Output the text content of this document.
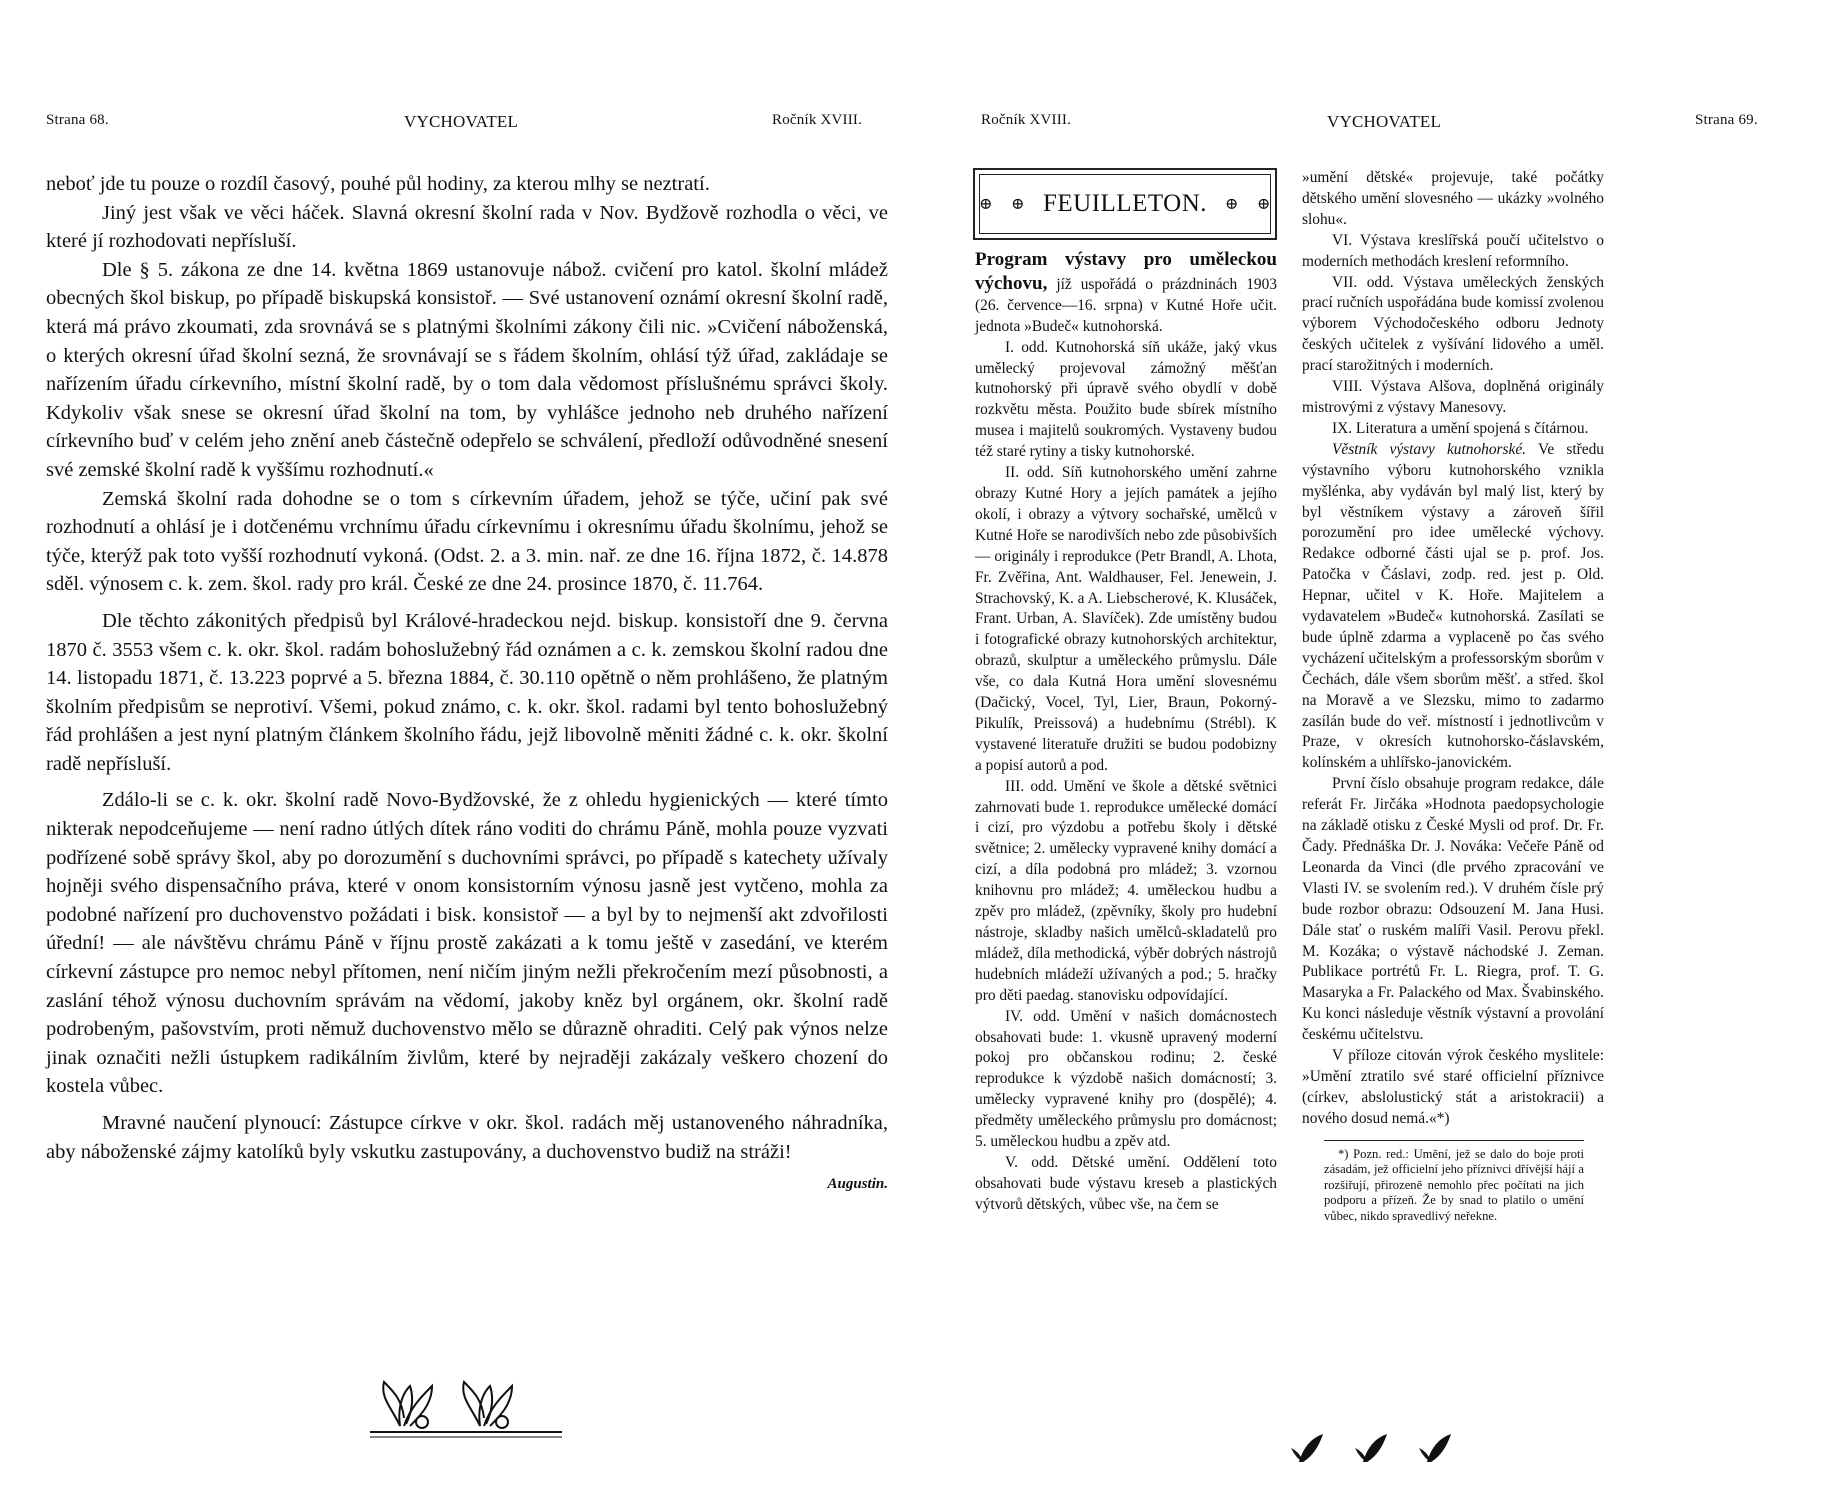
Strana 68.	VYCHOVATEL	Ročník XVIII.

neboť jde tu pouze o rozdíl časový, pouhé půl hodiny, za kterou mlhy se neztratí.

Jiný jest však ve věci háček. Slavná okresní školní rada v Nov. Bydžově rozhodla o věci, ve které jí rozhodovati nepřísluší.

Dle § 5. zákona ze dne 14. května 1869 ustanovuje nábož. cvičení pro katol. školní mládež obecných škol biskup, po případě biskupská konsistoř. — Své ustanovení oznámí okresní školní radě, která má právo zkoumati, zda srovnává se s platnými školními zákony čili nic. »Cvičení náboženská, o kterých okresní úřad školní sezná, že srovnávají se s řádem školním, ohlásí týž úřad, zakládaje se nařízením úřadu církevního, místní školní radě, by o tom dala vědomost příslušnému správci školy. Kdykoliv však snese se okresní úřad školní na tom, by vyhlášce jednoho neb druhého nařízení církevního buď v celém jeho znění aneb částečně odepřelo se schválení, předloží odůvodněné snesení své zemské školní radě k vyššímu rozhodnutí.«

Zemská školní rada dohodne se o tom s církevním úřadem, jehož se týče, učiní pak své rozhodnutí a ohlásí je i dotčenému vrchnímu úřadu církevnímu i okresnímu úřadu školnímu, jehož se týče, kterýž pak toto vyšší rozhodnutí vykoná. (Odst. 2. a 3. min. nař. ze dne 16. října 1872, č. 14.878 sděl. výnosem c. k. zem. škol. rady pro král. České ze dne 24. prosince 1870, č. 11.764.

Dle těchto zákonitých předpisů byl Králové-hradeckou nejd. biskup. konsistoří dne 9. června 1870 č. 3553 všem c. k. okr. škol. radám bohoslužebný řád oznámen a c. k. zemskou školní radou dne 14. listopadu 1871, č. 13.223 poprvé a 5. března 1884, č. 30.110 opětně o něm prohlášeno, že platným školním předpisům se neprotiví. Všemi, pokud známo, c. k. okr. škol. radami byl tento bohoslužebný řád prohlášen a jest nyní platným článkem školního řádu, jejž libovolně měniti žádné c. k. okr. školní radě nepřísluší.

Zdálo-li se c. k. okr. školní radě Novo-Bydžovské, že z ohledu hygienických — které tímto nikterak nepodceňujeme — není radno útlých dítek ráno voditi do chrámu Páně, mohla pouze vyzvati podřízené sobě správy škol, aby po dorozumění s duchovními správci, po případě s katechety užívaly hojněji svého dispensačního práva, které v onom konsistorním výnosu jasně jest vytčeno, mohla za podobné nařízení pro duchovenstvo požádati i bisk. konsistoř — a byl by to nejmenší akt zdvořilosti úřední! — ale návštěvu chrámu Páně v říjnu prostě zakázati a k tomu ještě v zasedání, ve kterém církevní zástupce pro nemoc nebyl přítomen, není ničím jiným nežli překročením mezí působnosti, a zaslání téhož výnosu duchovním správám na vědomí, jakoby kněz byl orgánem, okr. školní radě podrobeným, pašovstvím, proti němuž duchovenstvo mělo se důrazně ohraditi. Celý pak výnos nelze jinak označiti nežli ústupkem radikálním živlům, které by nejraději zakázaly veškero chození do kostela vůbec.

Mravné naučení plynoucí: Zástupce církve v okr. škol. radách měj ustanoveného náhradníka, aby náboženské zájmy katolíků byly vskutku zastupovány, a duchovenstvo budiž na stráži!

Augustin.
Ročník XVIII.	VYCHOVATEL	Strana 69.
⊕ ⊕ FEUILLETON. ⊕ ⊕

Program výstavy pro uměleckou výchovu, jíž uspořádá o prázdninách 1903 (26. července—16. srpna) v Kutné Hoře učit. jednota »Budeč« kutnohorská.

I. odd. Kutnohorská síň ukáže, jaký vkus umělecký projevoval zámožný měšťan kutnohorský při úpravě svého obydlí v době rozkvětu města. Použito bude sbírek místního musea i majitelů soukromých. Vystaveny budou též staré rytiny a tisky kutnohorské.

II. odd. Síň kutnohorského umění zahrne obrazy Kutné Hory a jejích památek a jejího okolí, i obrazy a výtvory sochařské, umělců v Kutné Hoře se narodivších nebo zde působivších — originály i reprodukce (Petr Brandl, A. Lhota, Fr. Zvěřina, Ant. Waldhauser, Fel. Jenewein, J. Strachovský, K. a A. Liebscherové, K. Klusáček, Frant. Urban, A. Slavíček). Zde umístěny budou i fotografické obrazy kutnohorských architektur, obrazů, skulptur a uměleckého průmyslu. Dále vše, co dala Kutná Hora umění slovesnému (Dačický, Vocel, Tyl, Lier, Braun, Pokorný-Pikulík, Preissová) a hudebnímu (Strébl). K vystavené literatuře družiti se budou podobizny a popisí autorů a pod.

III. odd. Umění ve škole a dětské světnici zahrnovati bude 1. reprodukce umělecké domácí i cizí, pro výzdobu a potřebu školy i dětské světnice; 2. umělecky vypravené knihy domácí a cizí, a díla podobná pro mládež; 3. vzornou knihovnu pro mládež; 4. uměleckou hudbu a zpěv pro mládež, (zpěvníky, školy pro hudební nástroje, skladby našich umělců-skladatelů pro mládež, díla methodická, výběr dobrých nástrojů hudebních mládeží užívaných a pod.; 5. hračky pro děti paedag. stanovisku odpovídající.

IV. odd. Umění v našich domácnostech obsahovati bude: 1. vkusně upravený moderní pokoj pro občanskou rodinu; 2. české reprodukce k výzdobě našich domácností; 3. umělecky vypravené knihy pro (dospělé); 4. předměty uměleckého průmyslu pro domácnost; 5. uměleckou hudbu a zpěv atd.

V. odd. Dětské umění. Oddělení toto obsahovati bude výstavu kreseb a plastických výtvorů dětských, vůbec vše, na čem se

»umění dětské« projevuje, také počátky dětského umění slovesného — ukázky »volného slohu«.

VI. Výstava kreslířská poučí učitelstvo o moderních methodách kreslení reformního.

VII. odd. Výstava uměleckých ženských prací ručních uspořádána bude komissí zvolenou výborem Východočeského odboru Jednoty českých učitelek z vyšívání lidového a uměl. prací starožitných i moderních.

VIII. Výstava Alšova, doplněná originály mistrovými z výstavy Manesovy.

IX. Literatura a umění spojená s čítárnou.

Věstník výstavy kutnohorské. Ve středu výstavního výboru kutnohorského vznikla myšlénka, aby vydáván byl malý list, který by byl věstníkem výstavy a zároveň šířil porozumění pro idee umělecké výchovy. Redakce odborné části ujal se p. prof. Jos. Patočka v Čáslavi, zodp. red. jest p. Old. Hepnar, učitel v K. Hoře. Majitelem a vydavatelem »Budeč« kutnohorská. Zasílati se bude úplně zdarma a vyplaceně po čas svého vycházení učitelským a professorským sborům v Čechách, dále všem sborům měšť. a střed. škol na Moravě a ve Slezsku, mimo to zadarmo zasílán bude do veř. místností i jednotlivcům v Praze, v okresích kutnohorsko-čáslavském, kolínském a uhlířsko-janovickém.

První číslo obsahuje program redakce, dále referát Fr. Jirčáka »Hodnota paedopsychologie na základě otisku z České Mysli od prof. Dr. Fr. Čady. Přednáška Dr. J. Nováka: Večeře Páně od Leonarda da Vinci (dle prvého zpracování ve Vlasti IV. se svolením red.). V druhém čísle prý bude rozbor obrazu: Odsouzení M. Jana Husi. Dále stať o ruském malíři Vasil. Perovu překl. M. Kozáka; o výstavě náchodské J. Zeman. Publikace portrétů Fr. L. Riegra, prof. T. G. Masaryka a Fr. Palackého od Max. Švabinského. Ku konci následuje věstník výstavní a provolání českému učitelstvu.

V příloze citován výrok českého myslitele: »Umění ztratilo své staré officielní příznivce (církev, abslolustický stát a aristokracii) a nového dosud nemá.«*)

*) Pozn. red.: Umění, jež se dalo do boje proti zásadám, jež officielní jeho příznivci dřívější hájí a rozšiřují, přirozeně nemohlo přec počítati na jich podporu a přízeň. Že by snad to platilo o umění vůbec, nikdo spravedlivý neřekne.
